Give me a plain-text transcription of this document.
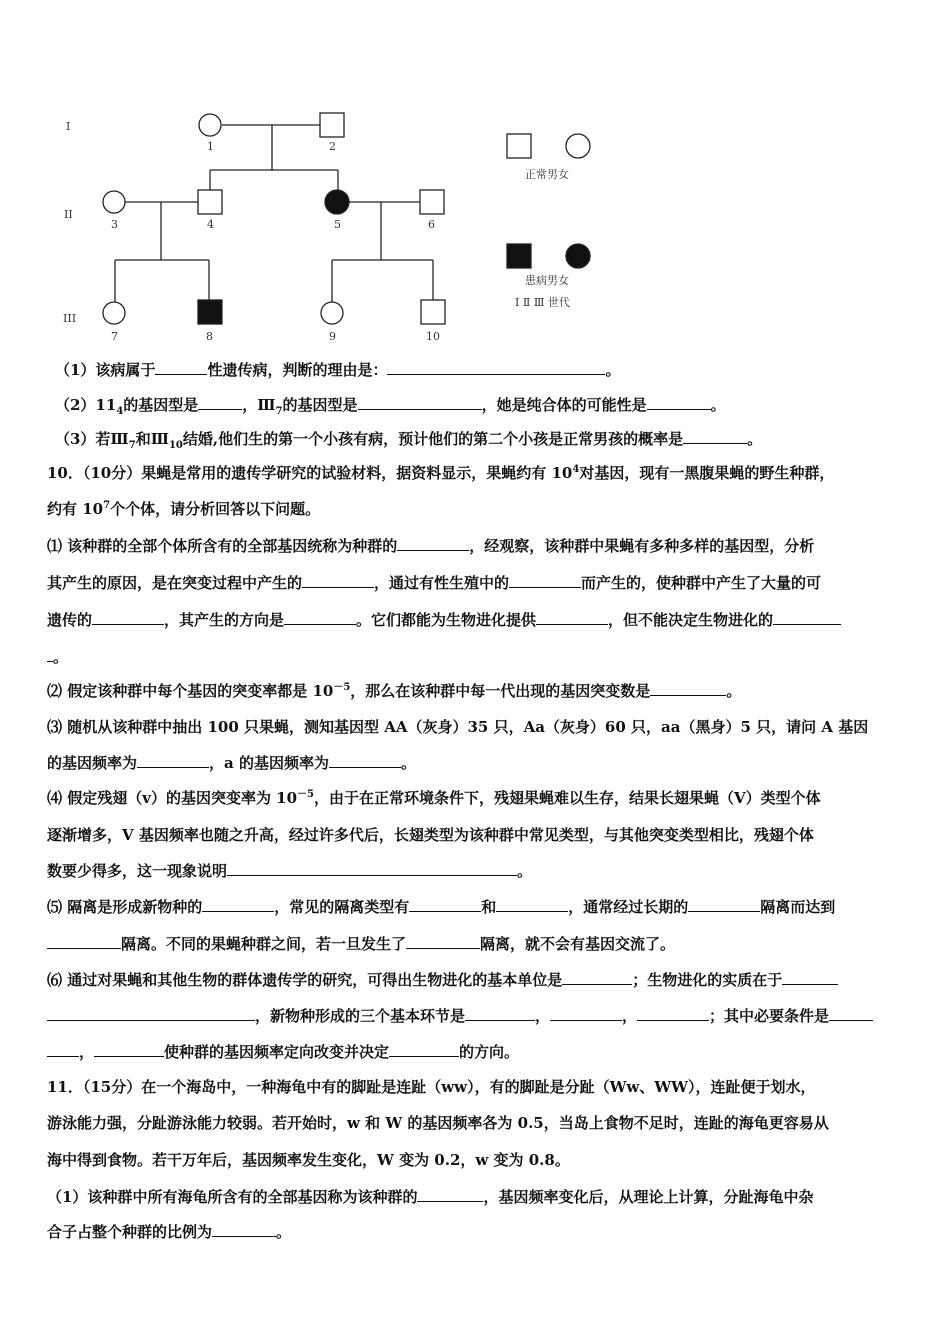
I
II
III
1	2
3	4	5	6
7	8	9	10
正常男女
患病男女
Ⅰ Ⅱ Ⅲ 世代
（1）该病属于	性遗传病，判断的理由是：	。
$(2)11_4$的基因型是	，$Ⅲ_7$的基因型是	，她是纯合体的可能性是	。
（3）若$Ⅲ_7$和$Ⅲ_{10}$结婚,他们生的第一个小孩有病，预计他们的第二个小孩是正常男孩的概率是	。
10．（10分）果蝇是常用的遗传学研究的试验材料，据资料显示，果蝇约有 $10^4$对基因，现有一黑腹果蝇的野生种群，
约有 $10^7$个个体，请分析回答以下问题。
⑴ 该种群的全部个体所含有的全部基因统称为种群的	，经观察，该种群中果蝇有多种多样的基因型，分析
其产生的原因，是在突变过程中产生的	，通过有性生殖中的	而产生的，使种群中产生了大量的可
遗传的	，其产生的方向是	。它们都能为生物进化提供	，但不能决定生物进化的
。
⑵ 假定该种群中每个基因的突变率都是 $10^{-5}$，那么在该种群中每一代出现的基因突变数是	。
⑶ 随机从该种群中抽出 100 只果蝇，测知基因型 AA（灰身）35 只，Aa（灰身）60 只，aa（黑身）5 只，请问 A 基因
的基因频率为	，a 的基因频率为	。
⑷ 假定残翅（v）的基因突变率为 $10^{-5}$，由于在正常环境条件下，残翅果蝇难以生存，结果长翅果蝇（V）类型个体
逐渐增多，V 基因频率也随之升高，经过许多代后，长翅类型为该种群中常见类型，与其他突变类型相比，残翅个体
数要少得多，这一现象说明	。
⑸ 隔离是形成新物种的	，常见的隔离类型有	和	，通常经过长期的	隔离而达到
隔离。不同的果蝇种群之间，若一旦发生了	隔离，就不会有基因交流了。
⑹ 通过对果蝇和其他生物的群体遗传学的研究，可得出生物进化的基本单位是	；生物进化的实质在于
，新物种形成的三个基本环节是	，	，	；其中必要条件是
，	使种群的基因频率定向改变并决定	的方向。
11．（15分）在一个海岛中，一种海龟中有的脚趾是连趾（ww），有的脚趾是分趾（Ww、WW），连趾便于划水，
游泳能力强，分趾游泳能力较弱。若开始时，w 和 W 的基因频率各为 0.5，当岛上食物不足时，连趾的海龟更容易从
海中得到食物。若干万年后，基因频率发生变化，W 变为 0.2，w 变为 0.8。
（1）该种群中所有海龟所含有的全部基因称为该种群的	，基因频率变化后，从理论上计算，分趾海龟中杂
合子占整个种群的比例为	。
